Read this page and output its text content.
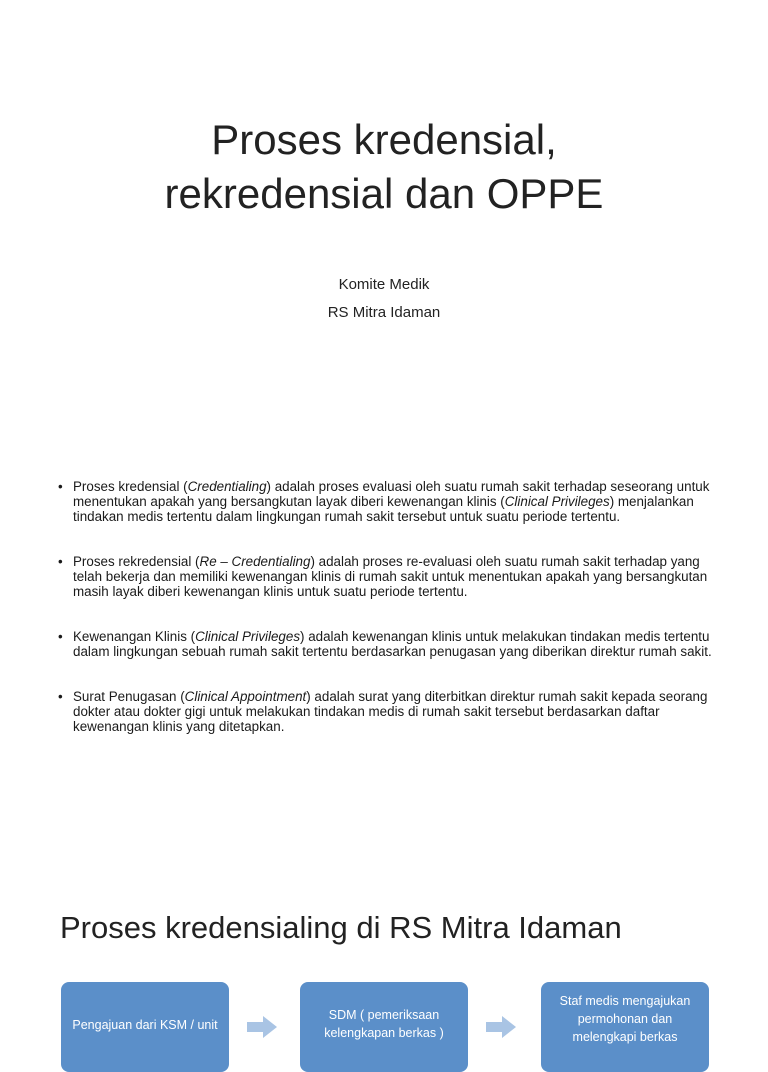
Proses kredensial,
rekredensial dan OPPE
Komite Medik
RS Mitra Idaman
• Proses kredensial (Credentialing) adalah proses evaluasi oleh suatu rumah sakit terhadap seseorang untuk menentukan apakah yang bersangkutan layak diberi kewenangan klinis (Clinical Privileges) menjalankan tindakan medis tertentu dalam lingkungan rumah sakit tersebut untuk suatu periode tertentu.
• Proses rekredensial (Re – Credentialing) adalah proses re-evaluasi oleh suatu rumah sakit terhadap yang telah bekerja dan memiliki kewenangan klinis di rumah sakit untuk menentukan apakah yang bersangkutan masih layak diberi kewenangan klinis untuk suatu periode tertentu.
• Kewenangan Klinis (Clinical Privileges) adalah kewenangan klinis untuk melakukan tindakan medis tertentu dalam lingkungan sebuah rumah sakit tertentu berdasarkan penugasan yang diberikan direktur rumah sakit.
• Surat Penugasan (Clinical Appointment) adalah surat yang diterbitkan direktur rumah sakit kepada seorang dokter atau dokter gigi untuk melakukan tindakan medis di rumah sakit tersebut berdasarkan daftar kewenangan klinis yang ditetapkan.
Proses kredensialing di RS Mitra Idaman
Pengajuan dari KSM / unit
SDM ( pemeriksaan kelengkapan berkas )
Staf medis mengajukan permohonan dan melengkapi berkas
